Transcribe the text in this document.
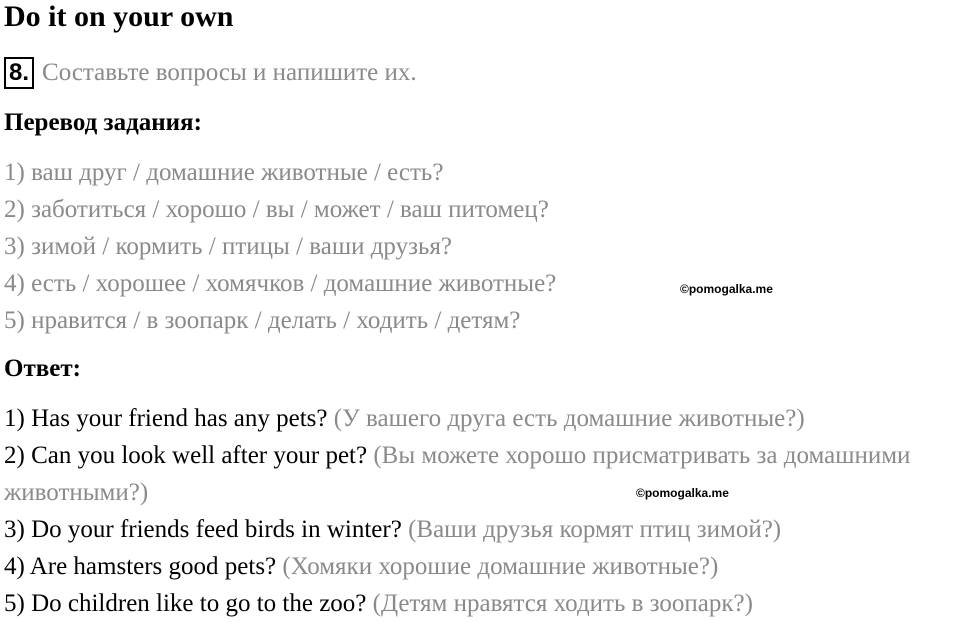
Do it on your own
8. Составьте вопросы и напишите их.
Перевод задания:
1) ваш друг / домашние животные / есть?
2) заботиться / хорошо / вы / может / ваш питомец?
3) зимой / кормить / птицы / ваши друзья?
4) есть / хорошее / хомячков / домашние животные?
5) нравится / в зоопарк / делать / ходить / детям?
©pomogalka.me
Ответ:
1) Has your friend has any pets? (У вашего друга есть домашние животные?)
2) Can you look well after your pet? (Вы можете хорошо присматривать за домашними животными?)
3) Do your friends feed birds in winter? (Ваши друзья кормят птиц зимой?)
4) Are hamsters good pets? (Хомяки хорошие домашние животные?)
5) Do children like to go to the zoo? (Детям нравятся ходить в зоопарк?)
©pomogalka.me
